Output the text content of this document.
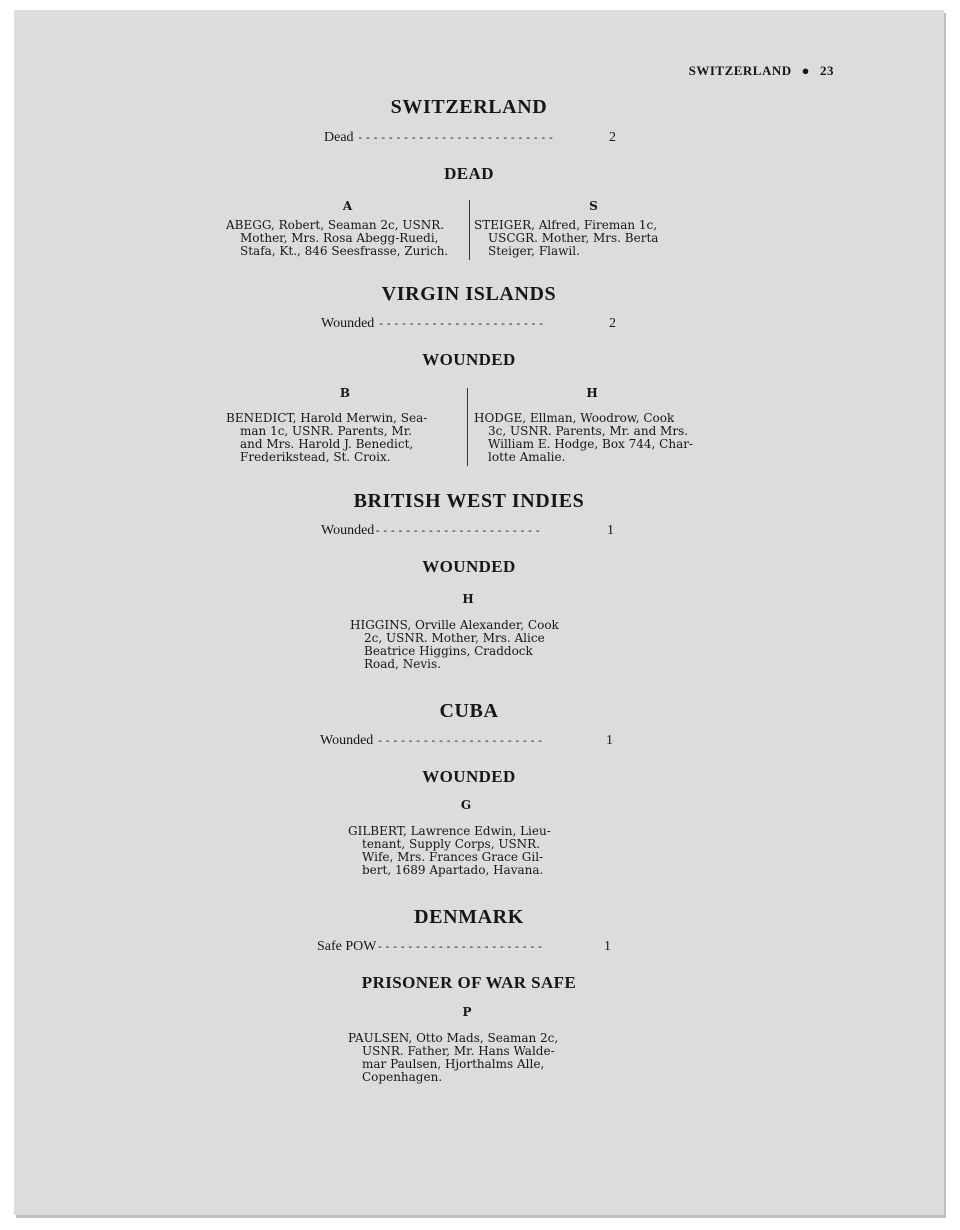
SWITZERLAND ● 23
SWITZERLAND
Dead --------------------------	2
DEAD
A	S
ABEGG, Robert, Seaman 2c, USNR.
Mother, Mrs. Rosa Abegg-Ruedi,
Stafa, Kt., 846 Seesfrasse, Zurich.
STEIGER, Alfred, Fireman 1c,
USCGR. Mother, Mrs. Berta
Steiger, Flawil.
VIRGIN ISLANDS
Wounded ----------------------	2
WOUNDED
B	H
BENEDICT, Harold Merwin, Sea-
man 1c, USNR. Parents, Mr.
and Mrs. Harold J. Benedict,
Frederikstead, St. Croix.
HODGE, Ellman, Woodrow, Cook
3c, USNR. Parents, Mr. and Mrs.
William E. Hodge, Box 744, Char-
lotte Amalie.
BRITISH WEST INDIES
Wounded----------------------	1
WOUNDED
H
HIGGINS, Orville Alexander, Cook
2c, USNR. Mother, Mrs. Alice
Beatrice Higgins, Craddock
Road, Nevis.
CUBA
Wounded ----------------------	1
WOUNDED
G
GILBERT, Lawrence Edwin, Lieu-
tenant, Supply Corps, USNR.
Wife, Mrs. Frances Grace Gil-
bert, 1689 Apartado, Havana.
DENMARK
Safe POW----------------------	1
PRISONER OF WAR SAFE
P
PAULSEN, Otto Mads, Seaman 2c,
USNR. Father, Mr. Hans Walde-
mar Paulsen, Hjorthalms Alle,
Copenhagen.
